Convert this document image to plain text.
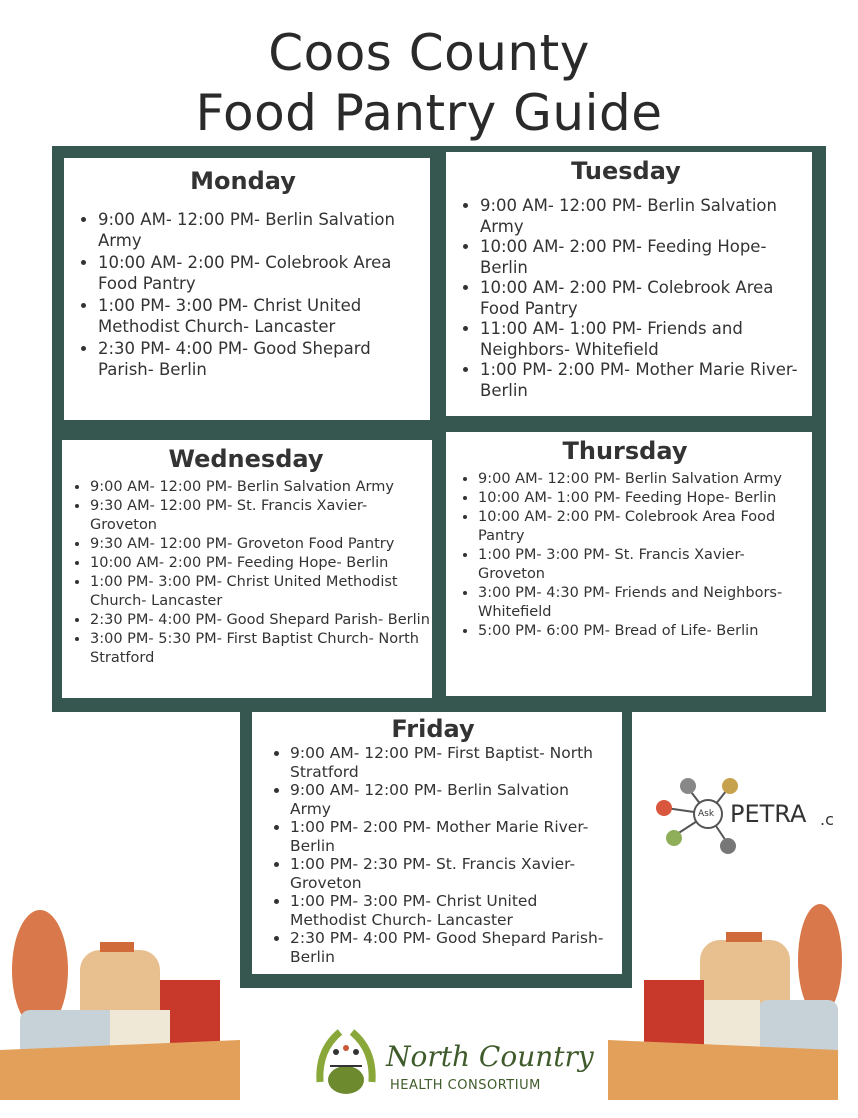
Coos County
Food Pantry Guide
Monday
• 9:00 AM- 12:00 PM- Berlin Salvation Army
• 10:00 AM- 2:00 PM- Colebrook Area Food Pantry
• 1:00 PM- 3:00 PM- Christ United Methodist Church- Lancaster
• 2:30 PM- 4:00 PM- Good Shepard Parish- Berlin
Tuesday
• 9:00 AM- 12:00 PM- Berlin Salvation Army
• 10:00 AM- 2:00 PM- Feeding Hope- Berlin
• 10:00 AM- 2:00 PM- Colebrook Area Food Pantry
• 11:00 AM- 1:00 PM- Friends and Neighbors- Whitefield
• 1:00 PM- 2:00 PM- Mother Marie River- Berlin
Wednesday
• 9:00 AM- 12:00 PM- Berlin Salvation Army
• 9:30 AM- 12:00 PM- St. Francis Xavier- Groveton
• 9:30 AM- 12:00 PM- Groveton Food Pantry
• 10:00 AM- 2:00 PM- Feeding Hope- Berlin
• 1:00 PM- 3:00 PM- Christ United Methodist Church- Lancaster
• 2:30 PM- 4:00 PM- Good Shepard Parish- Berlin
• 3:00 PM- 5:30 PM- First Baptist Church- North Stratford
Thursday
• 9:00 AM- 12:00 PM- Berlin Salvation Army
• 10:00 AM- 1:00 PM- Feeding Hope- Berlin
• 10:00 AM- 2:00 PM- Colebrook Area Food Pantry
• 1:00 PM- 3:00 PM- St. Francis Xavier- Groveton
• 3:00 PM- 4:30 PM- Friends and Neighbors- Whitefield
• 5:00 PM- 6:00 PM- Bread of Life- Berlin
Friday
• 9:00 AM- 12:00 PM- First Baptist- North Stratford
• 9:00 AM- 12:00 PM- Berlin Salvation Army
• 1:00 PM- 2:00 PM- Mother Marie River- Berlin
• 1:00 PM- 2:30 PM- St. Francis Xavier- Groveton
• 1:00 PM- 3:00 PM- Christ United Methodist Church- Lancaster
• 2:30 PM- 4:00 PM- Good Shepard Parish- Berlin
Ask PETRA .c
North Country
HEALTH CONSORTIUM
